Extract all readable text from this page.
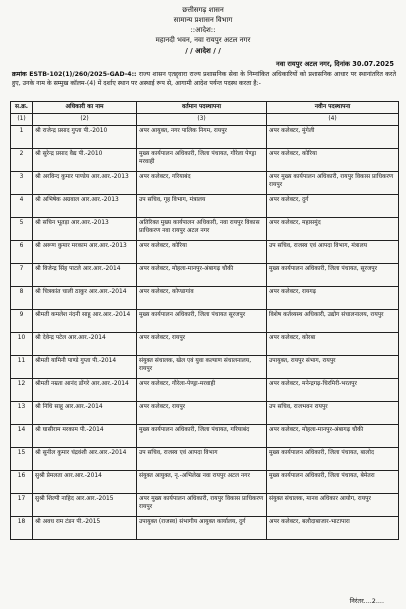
छत्तीसगढ़ शासन
सामान्य प्रशासन विभाग
::आदेश::
महानदी भवन, नवा रायपुर अटल नगर
/ / आदेश / /
नवा रायपुर अटल नगर, दिनांक 30.07.2025
क्रमांक ESTB-102(1)/260/2025-GAD-4:: राज्य शासन एतद्द्वारा राज्य प्रशासनिक सेवा के निम्नांकित अधिकारियों को प्रशासनिक आधार पर स्थानांतरित करते हुए, उनके नाम के सम्मुख कॉलम-(4) में दर्शाए स्थान पर अस्थाई रूप से, आगामी आदेश पर्यन्त पदस्थ करता है:-
स.क्र.	अधिकारी का नाम	वर्तमान पदस्थापना	नवीन पदस्थापना
(1)	(2)	(3)	(4)
1	श्री राजेन्द्र प्रसाद गुप्ता पी.-2010	अपर आयुक्त, नगर पालिक निगम, रायपुर	अपर कलेक्टर, मुंगेली
2	श्री सुरेन्द्र प्रसाद वैद्य पी.-2010	मुख्य कार्यपालन अधिकारी, जिला पंचायत, गौरेला पेण्ड्रा मरवाही	अपर कलेक्टर, कोरिया
3	श्री अरविन्द कुमार पाण्डेय आर.आर.-2013	अपर कलेक्टर, गरियाबंद	अपर मुख्य कार्यपालन अधिकारी, रायपुर विकास प्राधिकरण रायपुर
4	श्री अभिषेक अग्रवाल आर.आर.-2013	उप सचिव, गृह विभाग, मंत्रालय	अपर कलेक्टर, दुर्ग
5	श्री सचिन भूतड़ा आर.आर.-2013	अतिरिक्त मुख्य कार्यपालन अधिकारी, नवा रायपुर विकास प्राधिकरण नवा रायपुर अटल नगर	अपर कलेक्टर, महासमुंद
6	श्री अरूण कुमार मरकाम आर.आर.-2013	अपर कलेक्टर, कोरिया	उप सचिव, राजस्व एवं आपदा विभाग, मंत्रालय
7	श्री विजेन्द्र सिंह पाटले आर.आर.-2014	अपर कलेक्टर, मोहला-मानपुर-अंबागढ़ चौकी	मुख्य कार्यपालन अधिकारी, जिला पंचायत, सूरजपुर
8	श्री चित्रकांत चाली ठाकुर आर.आर.-2014	अपर कलेक्टर, कोण्डागांव	अपर कलेक्टर, रायगढ़
9	श्रीमती कमलेश नंदनी साहू आर.आर.-2014	मुख्य कार्यपालन अधिकारी, जिला पंचायत सूरजपुर	विशेष कर्तव्यस्थ अधिकारी, उद्योग संचालनालय, रायपुर
10	श्री देवेन्द्र पटेल आर.आर.-2014	अपर कलेक्टर, रायपुर	अपर कलेक्टर, कोरबा
11	श्रीमती यामिनी पाण्डे गुप्ता पी.-2014	संयुक्त संचालक, खेल एवं युवा कल्याण संचालनालय, रायपुर	उपायुक्त, रायपुर संभाग, रायपुर
12	श्रीमती नम्रता आनंद डोंगरे आर.आर.-2014	अपर कलेक्टर, गौरेला-पेण्ड्रा-मरवाही	अपर कलेक्टर, मनेन्द्रगढ़-चिरमिरी-भरतपुर
13	श्री निधि साहू आर.आर.-2014	अपर कलेक्टर, रायपुर	उप सचिव, राजभवन रायपुर
14	श्री घासीराम मरकाम पी.-2014	मुख्य कार्यपालन अधिकारी, जिला पंचायत, गरियाबंद	अपर कलेक्टर, मोहला-मानपुर-अंबागढ़ चौकी
15	श्री सुनील कुमार चंद्रवंशी आर.आर.-2014	उप सचिव, राजस्व एवं आपदा विभाग	मुख्य कार्यपालन अधिकारी, जिला पंचायत, बालोद
16	सुश्री प्रेमलता आर.आर.-2014	संयुक्त आयुक्त, नृ.-अभिलेख नवा रायपुर अटल नगर	मुख्य कार्यपालन अधिकारी, जिला पंचायत, बेमेतरा
17	सुश्री शिल्पी नाहिद आर.आर.-2015	अपर मुख्य कार्यपालन अधिकारी, रायपुर विकास प्राधिकरण रायपुर	संयुक्त संचालक, मानव अधिकार आयोग, रायपुर
18	श्री अवध राम टंडन पी.-2015	उपायुक्त (राजस्व) संभागीय आयुक्त कार्यालय, दुर्ग	अपर कलेक्टर, बलौदाबाजार-भाटापारा
निरंतर....2....
